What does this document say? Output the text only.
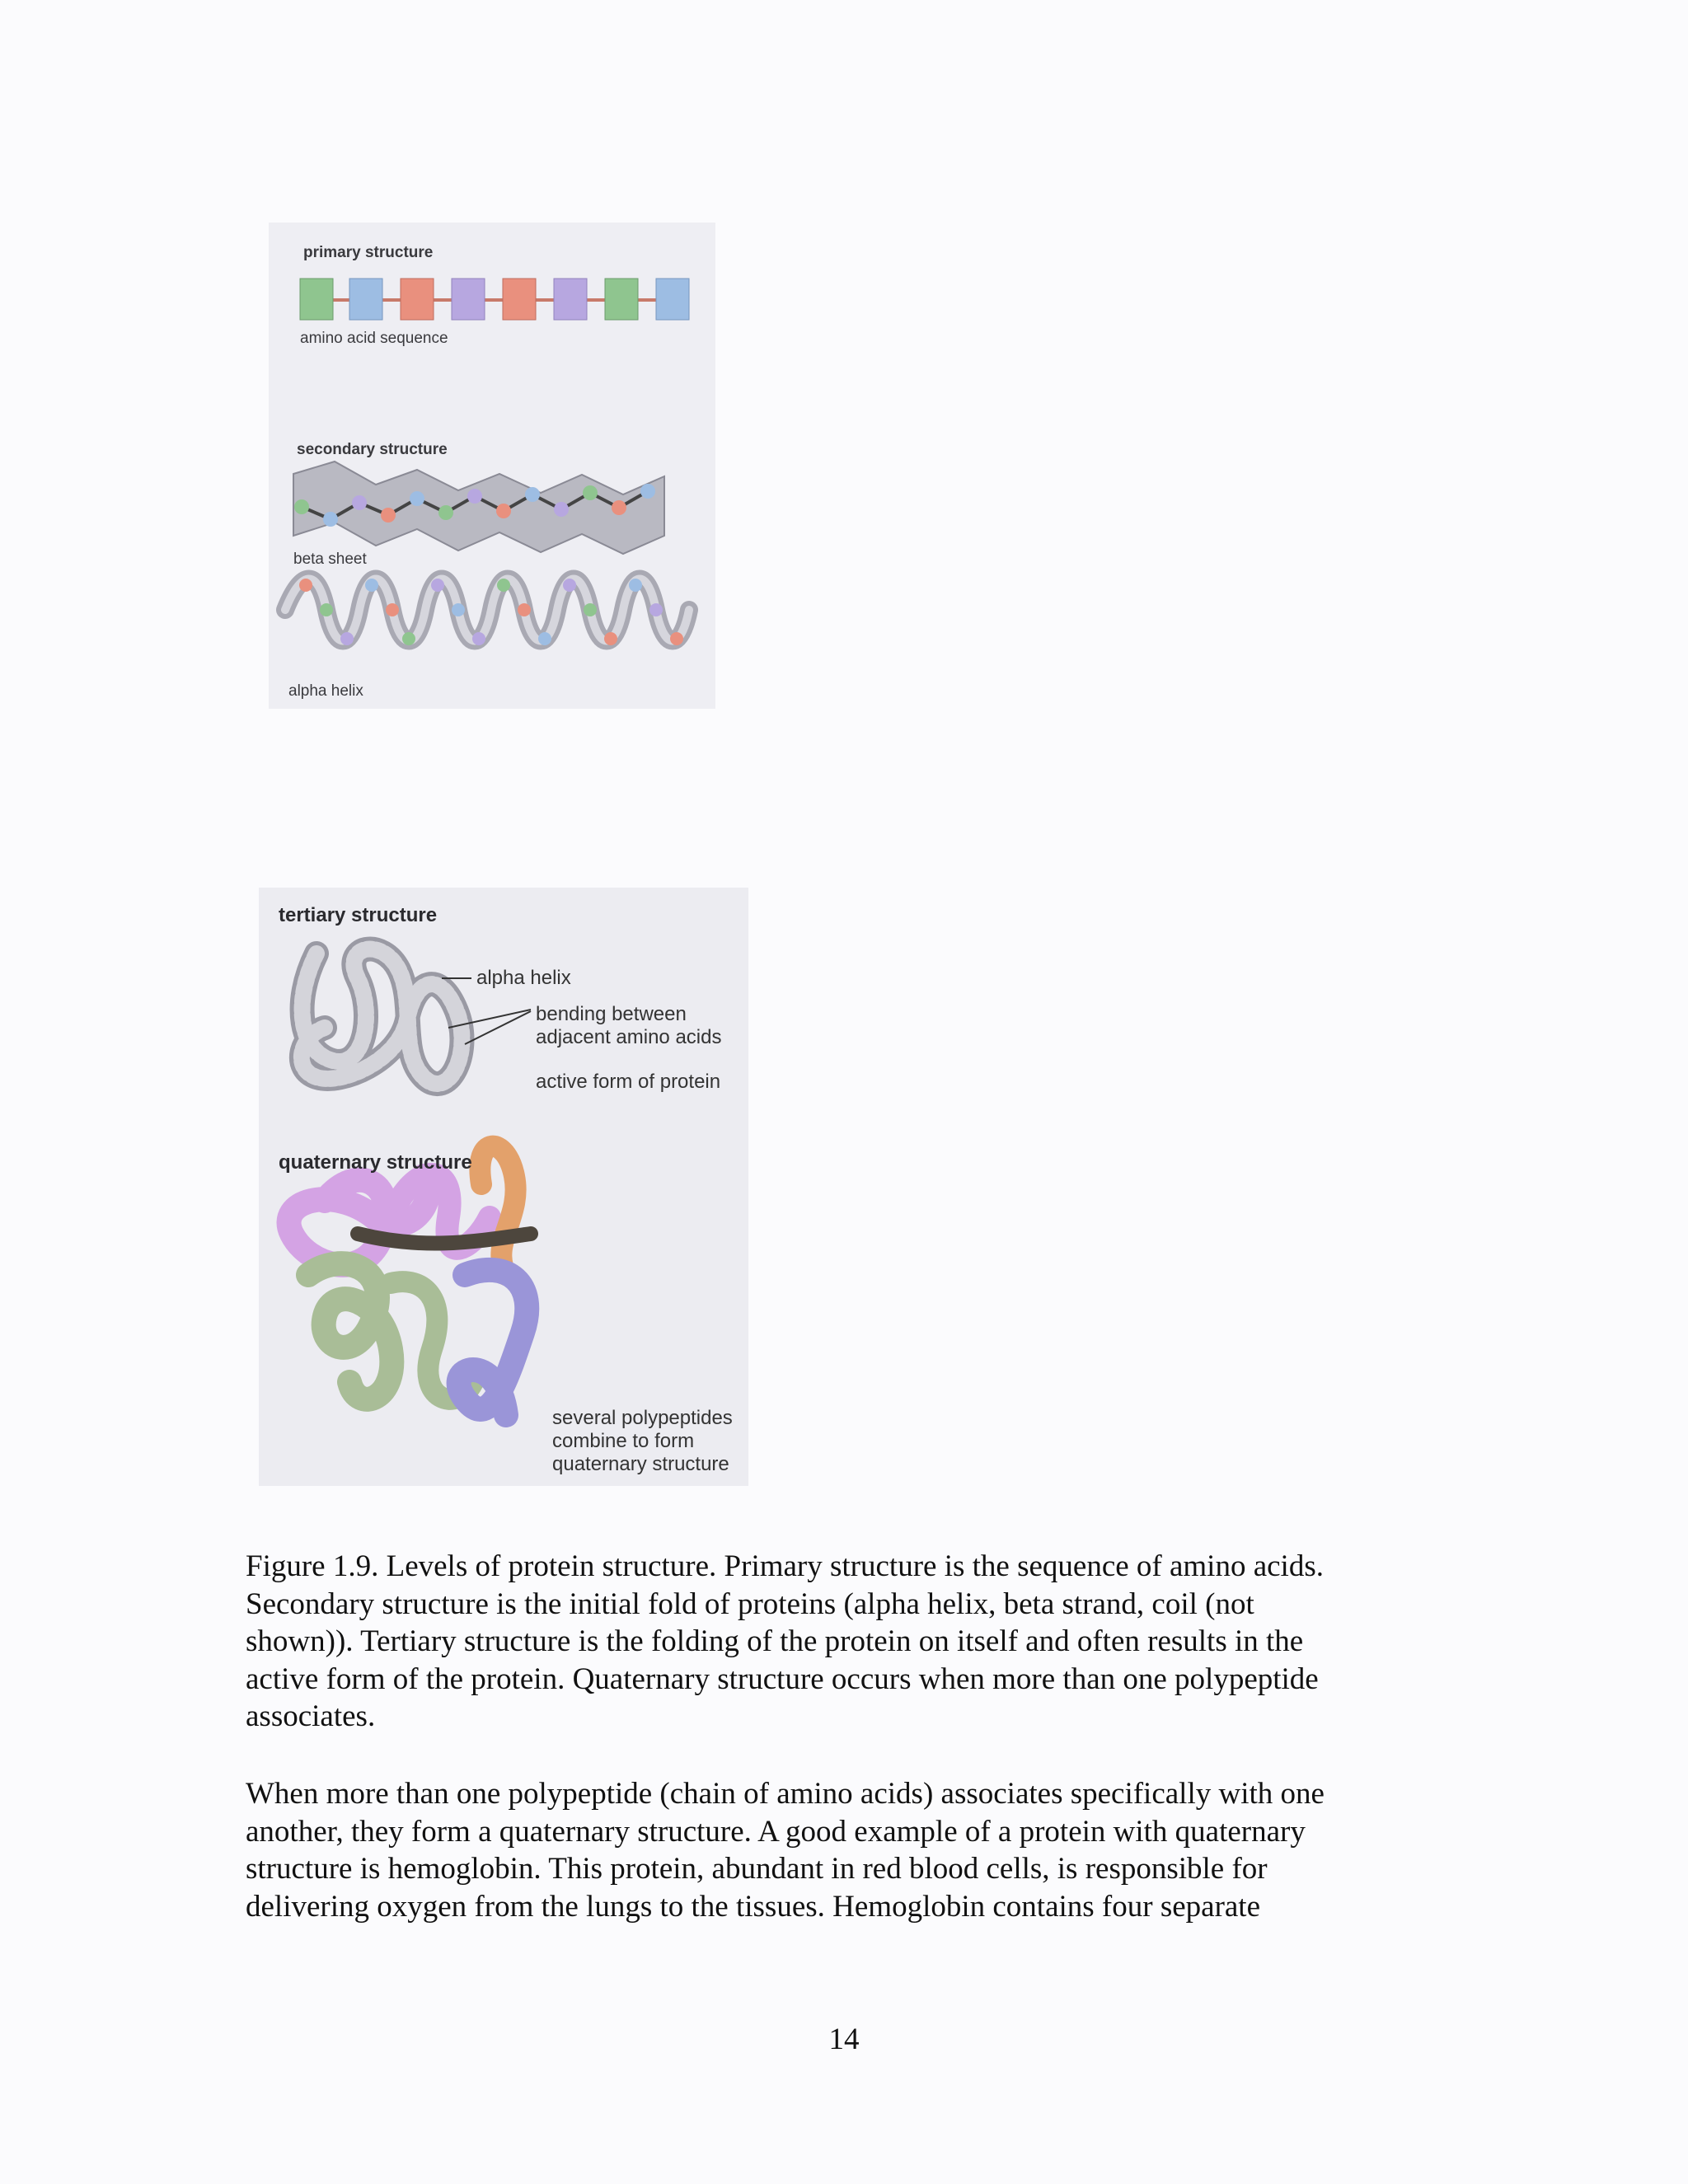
primary structure
amino acid sequence
secondary structure
beta sheet
alpha helix
tertiary structure
alpha helix
bending between
adjacent amino acids
active form of protein
quaternary structure
several polypeptides
combine to form
quaternary structure
Figure 1.9. Levels of protein structure. Primary structure is the sequence of amino acids.
Secondary structure is the initial fold of proteins (alpha helix, beta strand, coil (not
shown)). Tertiary structure is the folding of the protein on itself and often results in the
active form of the protein. Quaternary structure occurs when more than one polypeptide
associates.
When more than one polypeptide (chain of amino acids) associates specifically with one
another, they form a quaternary structure. A good example of a protein with quaternary
structure is hemoglobin. This protein, abundant in red blood cells, is responsible for
delivering oxygen from the lungs to the tissues. Hemoglobin contains four separate
14
